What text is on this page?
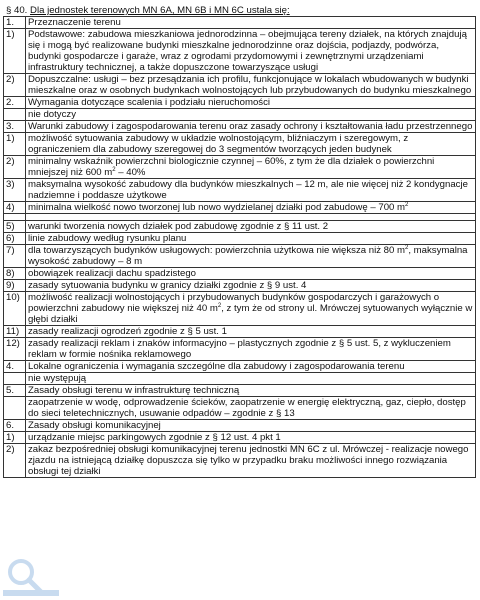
§ 40. Dla jednostek terenowych MN 6A, MN 6B i MN 6C ustala się:
1.	Przeznaczenie terenu
1)	Podstawowe: zabudowa mieszkaniowa jednorodzinna – obejmująca tereny działek, na których znajdują się i mogą być realizowane budynki mieszkalne jednorodzinne oraz dojścia, podjazdy, podwórza, budynki gospodarcze i garaże, wraz z ogrodami przydomowymi i zewnętrznymi urządzeniami infrastruktury technicznej, a także dopuszczone towarzyszące usługi
2)	Dopuszczalne: usługi – bez przesądzania ich profilu, funkcjonujące w lokalach wbudowanych w budynki mieszkalne oraz w osobnych budynkach wolnostojących lub przybudowanych do budynku mieszkalnego
2.	Wymagania dotyczące scalenia i podziału nieruchomości
	nie dotyczy
3.	Warunki zabudowy i zagospodarowania terenu oraz zasady ochrony i kształtowania ładu przestrzennego
1)	możliwość sytuowania zabudowy w układzie wolnostojącym, bliźniaczym i szeregowym, z ograniczeniem dla zabudowy szeregowej do 3 segmentów tworzących jeden budynek
2)	minimalny wskaźnik powierzchni biologicznie czynnej – 60%, z tym że dla działek o powierzchni mniejszej niż 600 $m^2 - 40\%$
3)	maksymalna wysokość zabudowy dla budynków mieszkalnych – 12 m, ale nie więcej niż 2 kondygnacje nadziemne i poddasze użytkowe
4)	minimalna wielkość nowo tworzonej lub nowo wydzielanej działki pod zabudowę – 700 $m^2$

5)	warunki tworzenia nowych działek pod zabudowę zgodnie z § 11 ust. 2
6)	linie zabudowy według rysunku planu
7)	dla towarzyszących budynków usługowych: powierzchnia użytkowa nie większa niż 80 $m^2$, maksymalna wysokość zabudowy – 8 m
8)	obowiązek realizacji dachu spadzistego
9)	zasady sytuowania budynku w granicy działki zgodnie z § 9 ust. 4
10)	możliwość realizacji wolnostojących i przybudowanych budynków gospodarczych i garażowych o powierzchni zabudowy nie większej niż 40 $m^2$, z tym że od strony ul. Mrówczej sytuowanych wyłącznie w głębi działki
11)	zasady realizacji ogrodzeń zgodnie z § 5 ust. 1
12)	zasady realizacji reklam i znaków informacyjno – plastycznych zgodnie z § 5 ust. 5, z wykluczeniem reklam w formie nośnika reklamowego
4.	Lokalne ograniczenia i wymagania szczególne dla zabudowy i zagospodarowania terenu
	nie występują
5.	Zasady obsługi terenu w infrastrukturę techniczną
	zaopatrzenie w wodę, odprowadzenie ścieków, zaopatrzenie w energię elektryczną, gaz, ciepło, dostęp do sieci teletechnicznych, usuwanie odpadów – zgodnie z § 13
6.	Zasady obsługi komunikacyjnej
1)	urządzanie miejsc parkingowych zgodnie z § 12 ust. 4 pkt 1
2)	zakaz bezpośredniej obsługi komunikacyjnej terenu jednostki MN 6C z ul. Mrówczej - realizacje nowego zjazdu na istniejącą działkę dopuszcza się tylko w przypadku braku możliwości innego rozwiązania obsługi tej działki
